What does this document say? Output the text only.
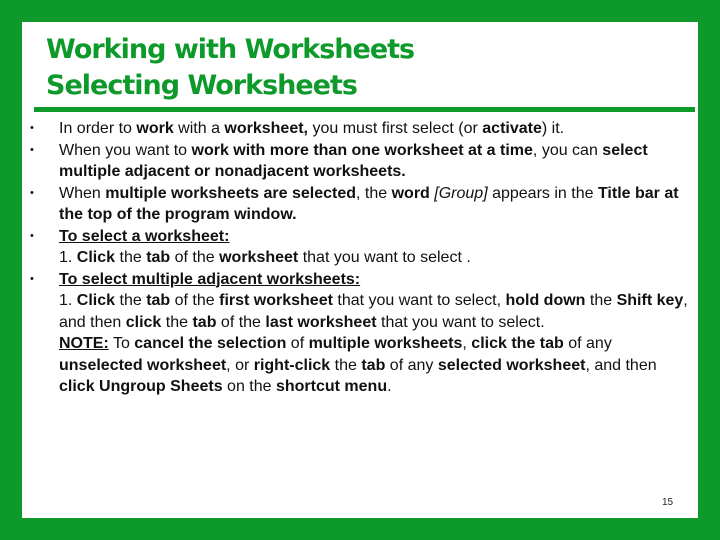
Working with Worksheets
Selecting Worksheets
•	In order to work with a worksheet, you must first select (or activate) it.
•	When you want to work with more than one worksheet at a time, you can select multiple adjacent or nonadjacent worksheets.
•	When multiple worksheets are selected, the word [Group] appears in the Title bar at the top of the program window.
•	To select a worksheet:
1. Click the tab of the worksheet that you want to select .
•	To select multiple adjacent worksheets:
1. Click the tab of the first worksheet that you want to select, hold down the Shift key, and then click the tab of the last worksheet that you want to select.
NOTE: To cancel the selection of multiple worksheets, click the tab of any unselected worksheet, or right-click the tab of any selected worksheet, and then click Ungroup Sheets on the shortcut menu.
15
